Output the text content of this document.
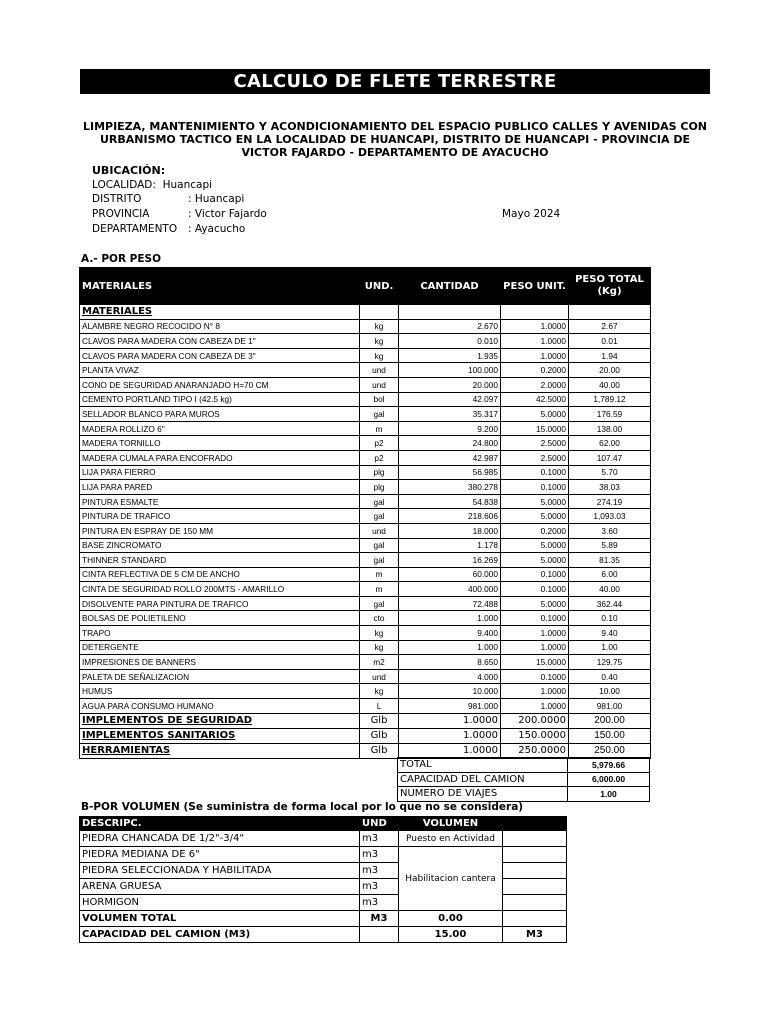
CALCULO DE FLETE TERRESTRE
LIMPIEZA, MANTENIMIENTO Y ACONDICIONAMIENTO DEL ESPACIO PUBLICO CALLES Y AVENIDAS CON URBANISMO TACTICO EN LA LOCALIDAD DE HUANCAPI, DISTRITO DE HUANCAPI - PROVINCIA DE VICTOR FAJARDO - DEPARTAMENTO DE AYACUCHO
UBICACIÓN:
LOCALIDAD: Huancapi
DISTRITO	: Huancapi
PROVINCIA	: Victor Fajardo
DEPARTAMENTO : Ayacucho
Mayo 2024
A.- POR PESO
MATERIALES	UND.	CANTIDAD	PESO UNIT.	PESO TOTAL (Kg)
MATERIALES				
ALAMBRE NEGRO RECOCIDO N° 8	kg	2.670	1.0000	2.67
CLAVOS PARA MADERA CON CABEZA DE 1"	kg	0.010	1.0000	0.01
CLAVOS PARA MADERA CON CABEZA DE 3"	kg	1.935	1.0000	1.94
PLANTA VIVAZ	und	100.000	0.2000	20.00
CONO DE SEGURIDAD ANARANJADO H=70 CM	und	20.000	2.0000	40.00
CEMENTO PORTLAND TIPO I (42.5 kg)	bol	42.097	42.5000	1,789.12
SELLADOR BLANCO PARA MUROS	gal	35.317	5.0000	176.59
MADERA ROLLIZO 6"	m	9.200	15.0000	138.00
MADERA TORNILLO	p2	24.800	2.5000	62.00
MADERA CUMALA PARA ENCOFRADO	p2	42.987	2.5000	107.47
LIJA PARA FIERRO	plg	56.985	0.1000	5.70
LIJA PARA PARED	plg	380.278	0.1000	38.03
PINTURA ESMALTE	gal	54.838	5.0000	274.19
PINTURA DE TRAFICO	gal	218.606	5.0000	1,093.03
PINTURA EN ESPRAY DE 150 MM	und	18.000	0.2000	3.60
BASE ZINCROMATO	gal	1.178	5.0000	5.89
THINNER STANDARD	gal	16.269	5.0000	81.35
CINTA REFLECTIVA DE 5 CM DE ANCHO	m	60.000	0.1000	6.00
CINTA DE SEGURIDAD ROLLO 200MTS - AMARILLO	m	400.000	0.1000	40.00
DISOLVENTE PARA PINTURA DE TRAFICO	gal	72.488	5.0000	362.44
BOLSAS DE POLIETILENO	cto	1.000	0.1000	0.10
TRAPO	kg	9.400	1.0000	9.40
DETERGENTE	kg	1.000	1.0000	1.00
IMPRESIONES DE BANNERS	m2	8.650	15.0000	129.75
PALETA DE SEÑALIZACION	und	4.000	0.1000	0.40
HUMUS	kg	10.000	1.0000	10.00
AGUA PARA CONSUMO HUMANO	L	981.000	1.0000	981.00
IMPLEMENTOS DE SEGURIDAD	Glb	1.0000	200.0000	200.00
IMPLEMENTOS SANITARIOS	Glb	1.0000	150.0000	150.00
HERRAMIENTAS	Glb	1.0000	250.0000	250.00
TOTAL	5,979.66
CAPACIDAD DEL CAMION	6,000.00
NUMERO DE VIAJES	1.00
B-POR VOLUMEN (Se suministra de forma local por lo que no se considera)
DESCRIPC.	UND	VOLUMEN	
PIEDRA CHANCADA DE 1/2"-3/4"	m3	Puesto en Actividad	
PIEDRA MEDIANA DE 6"	m3	Habilitacion cantera	
PIEDRA SELECCIONADA Y HABILITADA	m3		
ARENA GRUESA	m3		
HORMIGON	m3		
VOLUMEN TOTAL	M3	0.00	
CAPACIDAD DEL CAMION (M3)		15.00	M3
